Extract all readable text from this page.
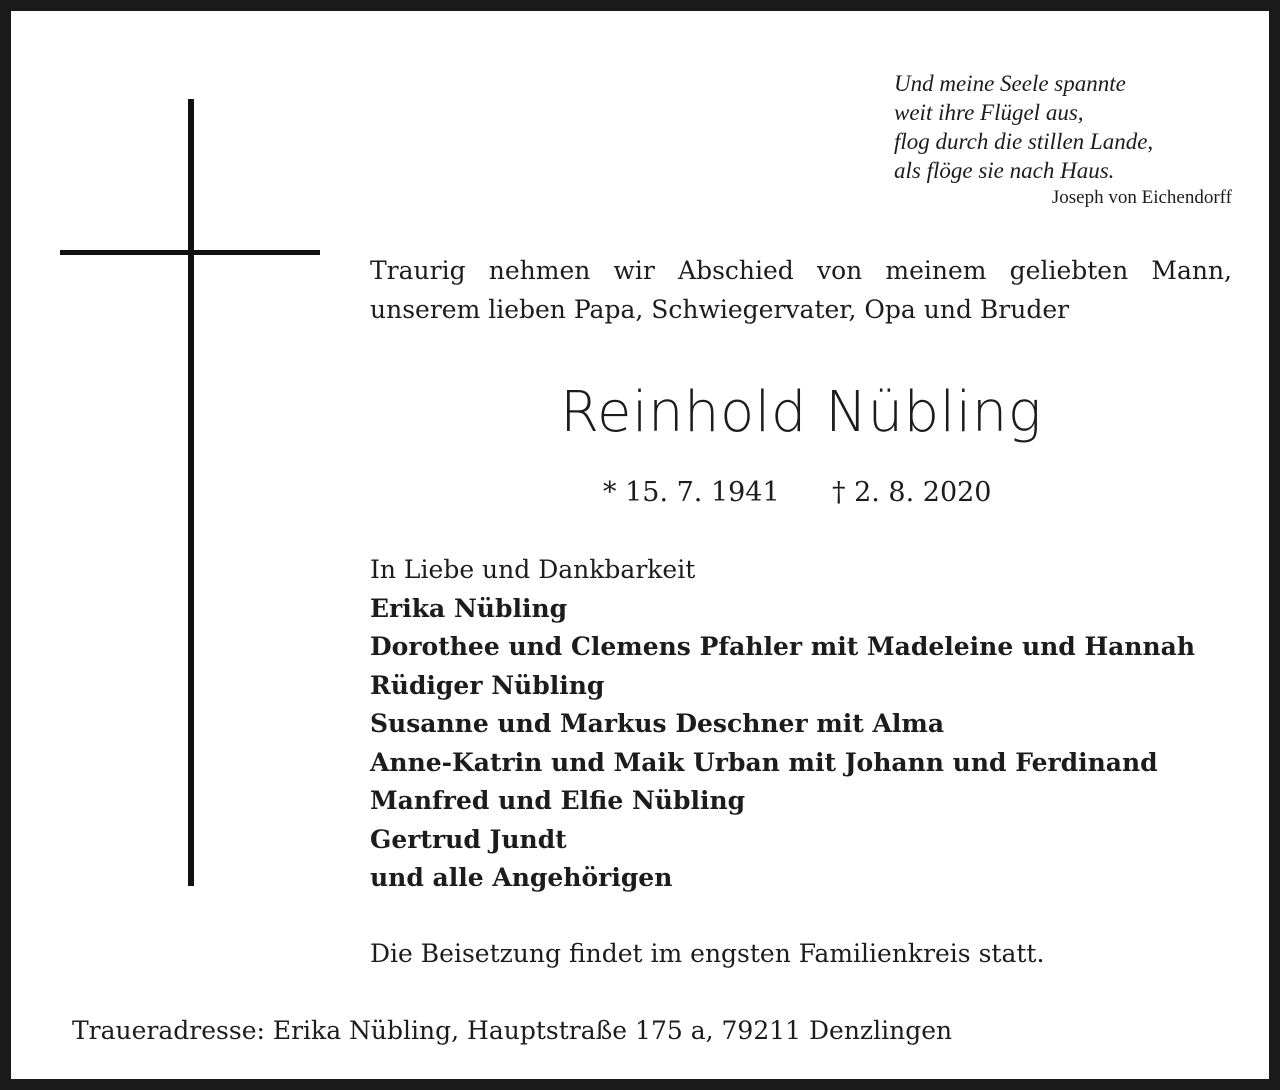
Und meine Seele spannte
weit ihre Flügel aus,
flog durch die stillen Lande,
als flöge sie nach Haus.
Joseph von Eichendorff
Traurig nehmen wir Abschied von meinem geliebten Mann,
unserem lieben Papa, Schwiegervater, Opa und Bruder
Reinhold Nübling
* 15. 7. 1941 † 2. 8. 2020
In Liebe und Dankbarkeit
Erika Nübling
Dorothee und Clemens Pfahler mit Madeleine und Hannah
Rüdiger Nübling
Susanne und Markus Deschner mit Alma
Anne-Katrin und Maik Urban mit Johann und Ferdinand
Manfred und Elfie Nübling
Gertrud Jundt
und alle Angehörigen
Die Beisetzung findet im engsten Familienkreis statt.
Traueradresse: Erika Nübling, Hauptstraße 175 a, 79211 Denzlingen
